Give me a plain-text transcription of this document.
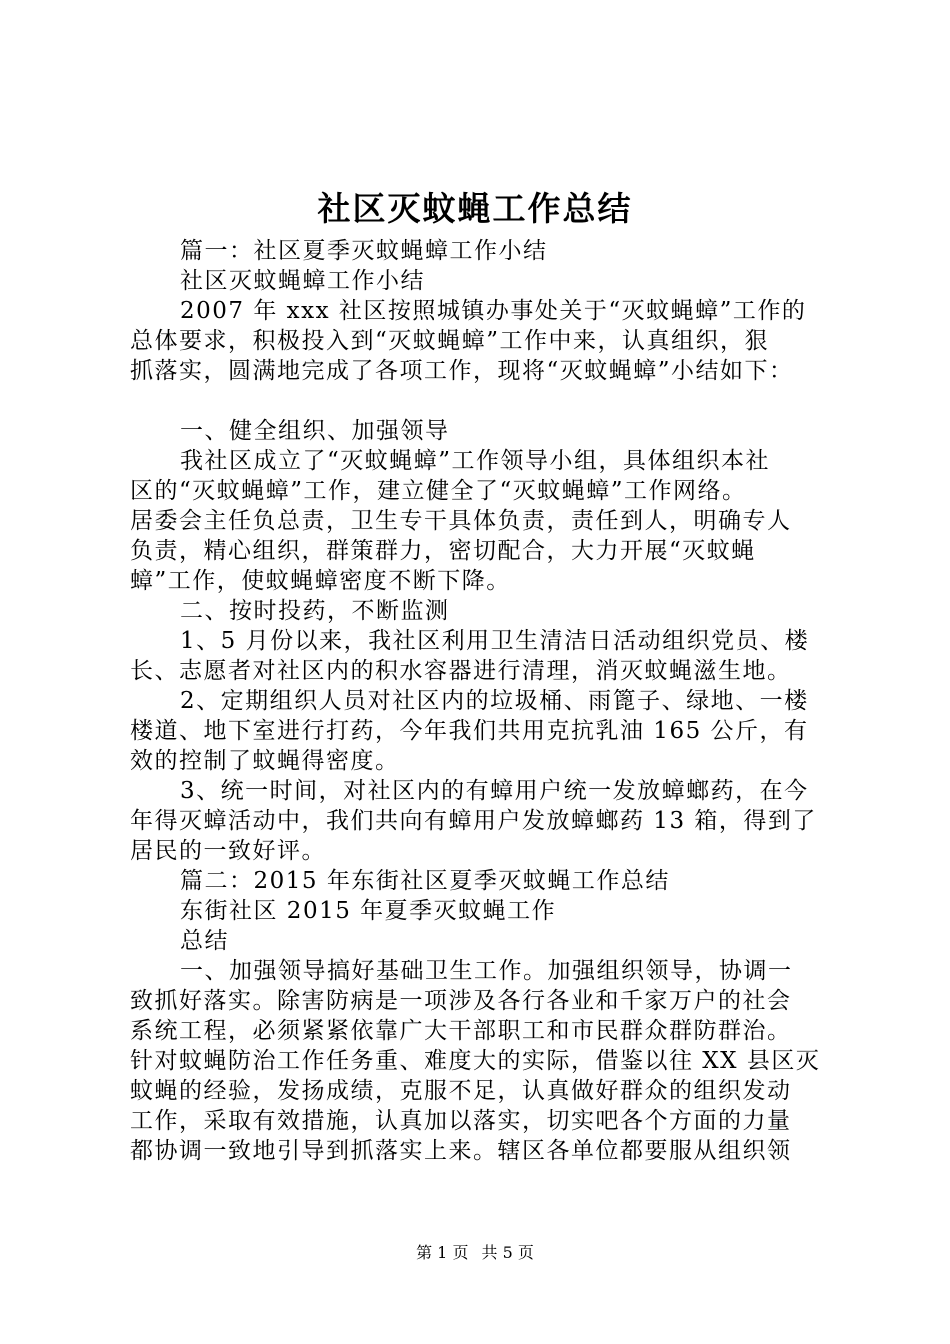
社区灭蚊蝇工作总结
篇一：社区夏季灭蚊蝇蟑工作小结
社区灭蚊蝇蟑工作小结
2007 年 xxx 社区按照城镇办事处关于“灭蚊蝇蟑”工作的
总体要求，积极投入到“灭蚊蝇蟑”工作中来，认真组织，狠
抓落实，圆满地完成了各项工作，现将“灭蚊蝇蟑”小结如下：
一、健全组织、加强领导
我社区成立了“灭蚊蝇蟑”工作领导小组，具体组织本社
区的“灭蚊蝇蟑”工作，建立健全了“灭蚊蝇蟑”工作网络。
居委会主任负总责，卫生专干具体负责，责任到人，明确专人
负责，精心组织，群策群力，密切配合，大力开展“灭蚊蝇
蟑”工作，使蚊蝇蟑密度不断下降。
二、按时投药，不断监测
1、5 月份以来，我社区利用卫生清洁日活动组织党员、楼
长、志愿者对社区内的积水容器进行清理，消灭蚊蝇滋生地。
2、定期组织人员对社区内的垃圾桶、雨篦子、绿地、一楼
楼道、地下室进行打药，今年我们共用克抗乳油 165 公斤，有
效的控制了蚊蝇得密度。
3、统一时间，对社区内的有蟑用户统一发放蟑螂药，在今
年得灭蟑活动中，我们共向有蟑用户发放蟑螂药 13 箱，得到了
居民的一致好评。
篇二：2015 年东街社区夏季灭蚊蝇工作总结
东街社区 2015 年夏季灭蚊蝇工作
总结
一、加强领导搞好基础卫生工作。加强组织领导，协调一
致抓好落实。除害防病是一项涉及各行各业和千家万户的社会
系统工程，必须紧紧依靠广大干部职工和市民群众群防群治。
针对蚊蝇防治工作任务重、难度大的实际，借鉴以往 XX 县区灭
蚊蝇的经验，发扬成绩，克服不足，认真做好群众的组织发动
工作，采取有效措施，认真加以落实，切实吧各个方面的力量
都协调一致地引导到抓落实上来。辖区各单位都要服从组织领
第 1 页 共 5 页
